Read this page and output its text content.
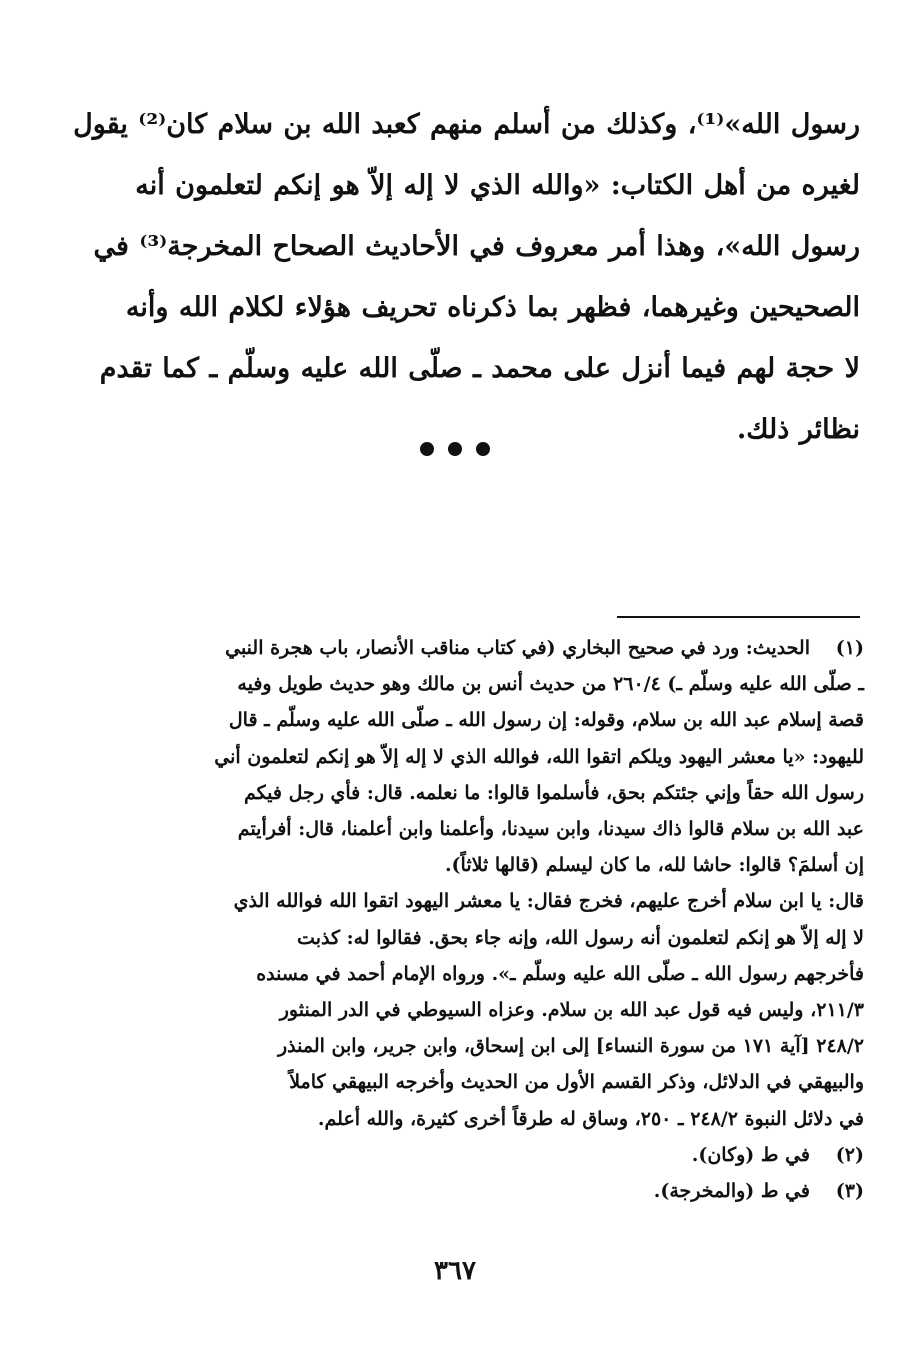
رسول الله»⁽¹⁾، وكذلك من أسلم منهم كعبد الله بن سلام كان⁽²⁾ يقول
لغيره من أهل الكتاب: «والله الذي لا إله إلاّ هو إنكم لتعلمون أنه
رسول الله»، وهذا أمر معروف في الأحاديث الصحاح المخرجة⁽³⁾ في
الصحيحين وغيرهما، فظهر بما ذكرناه تحريف هؤلاء لكلام الله وأنه
لا حجة لهم فيما أنزل على محمد ـ صلّى الله عليه وسلّم ـ كما تقدم
نظائر ذلك.
(١)
الحديث: ورد في صحيح البخاري (في كتاب مناقب الأنصار، باب هجرة النبي
ـ صلّى الله عليه وسلّم ـ) ٢٦٠/٤ من حديث أنس بن مالك وهو حديث طويل وفيه
قصة إسلام عبد الله بن سلام، وقوله: إن رسول الله ـ صلّى الله عليه وسلّم ـ قال
لليهود: «يا معشر اليهود ويلكم اتقوا الله، فوالله الذي لا إله إلاّ هو إنكم لتعلمون أني
رسول الله حقاً وإني جئتكم بحق، فأسلموا قالوا: ما نعلمه. قال: فأي رجل فيكم
عبد الله بن سلام قالوا ذاك سيدنا، وابن سيدنا، وأعلمنا وابن أعلمنا، قال: أفرأيتم
إن أسلمَ؟ قالوا: حاشا لله، ما كان ليسلم (قالها ثلاثاً).
قال: يا ابن سلام أخرج عليهم، فخرج فقال: يا معشر اليهود اتقوا الله فوالله الذي
لا إله إلاّ هو إنكم لتعلمون أنه رسول الله، وإنه جاء بحق. فقالوا له: كذبت
فأخرجهم رسول الله ـ صلّى الله عليه وسلّم ـ». ورواه الإمام أحمد في مسنده
٢١١/٣، وليس فيه قول عبد الله بن سلام. وعزاه السيوطي في الدر المنثور
٢٤٨/٢ [آية ١٧١ من سورة النساء] إلى ابن إسحاق، وابن جرير، وابن المنذر
والبيهقي في الدلائل، وذكر القسم الأول من الحديث وأخرجه البيهقي كاملاً
في دلائل النبوة ٢٤٨/٢ ـ ٢٥٠، وساق له طرقاً أخرى كثيرة، والله أعلم.
(٢)
في ط (وكان).
(٣)
في ط (والمخرجة).
٣٦٧
